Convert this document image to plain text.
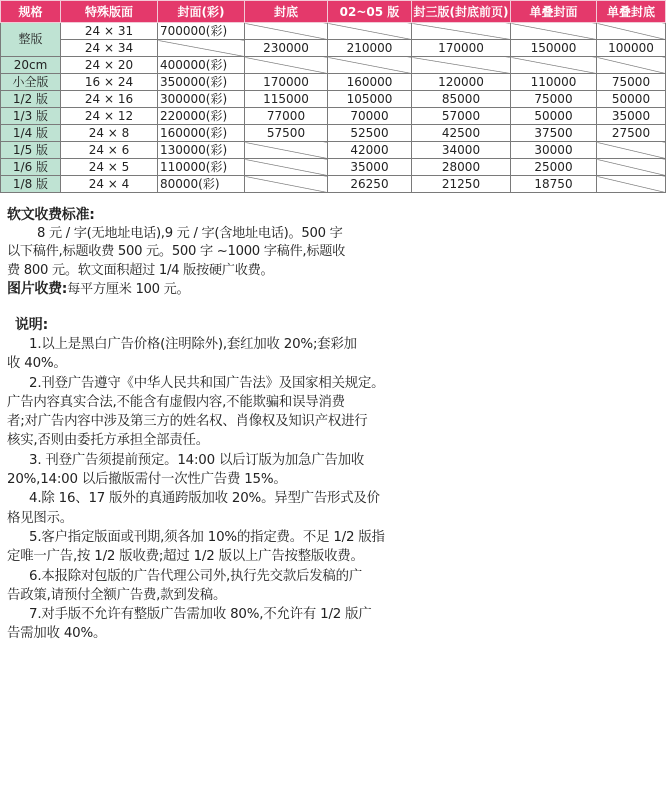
规格	特殊版面	封面(彩)	封底	02~05 版	封三版(封底前页)	单叠封面	单叠封底
整版	24 × 31	700000(彩)					
	24 × 34		230000	210000	170000	150000	100000
20cm	24 × 20	400000(彩)					
小全版	16 × 24	350000(彩)	170000	160000	120000	110000	75000
1/2 版	24 × 16	300000(彩)	115000	105000	85000	75000	50000
1/3 版	24 × 12	220000(彩)	77000	70000	57000	50000	35000
1/4 版	24 × 8	160000(彩)	57500	52500	42500	37500	27500
1/5 版	24 × 6	130000(彩)		42000	34000	30000	
1/6 版	24 × 5	110000(彩)		35000	28000	25000	
1/8 版	24 × 4	80000(彩)		26250	21250	18750	

软文收费标准:

8 元 / 字(无地址电话),9 元 / 字(含地址电话)。500 字

以下稿件,标题收费 500 元。500 字 ~1000 字稿件,标题收

费 800 元。软文面积超过 1/4 版按硬广收费。

图片收费:每平方厘米 100 元。

说明:

1.以上是黑白广告价格(注明除外),套红加收 20%;套彩加

收 40%。

2.刊登广告遵守《中华人民共和国广告法》及国家相关规定。

广告内容真实合法,不能含有虚假内容,不能欺骗和误导消费

者;对广告内容中涉及第三方的姓名权、肖像权及知识产权进行

核实,否则由委托方承担全部责任。

3. 刊登广告须提前预定。14:00 以后订版为加急广告加收

20%,14:00 以后撤版需付一次性广告费 15%。

4.除 16、17 版外的真通跨版加收 20%。异型广告形式及价

格见图示。

5.客户指定版面或刊期,须各加 10%的指定费。不足 1/2 版指

定唯一广告,按 1/2 版收费;超过 1/2 版以上广告按整版收费。

6.本报除对包版的广告代理公司外,执行先交款后发稿的广

告政策,请预付全额广告费,款到发稿。

7.对手版不允许有整版广告需加收 80%,不允许有 1/2 版广

告需加收 40%。
